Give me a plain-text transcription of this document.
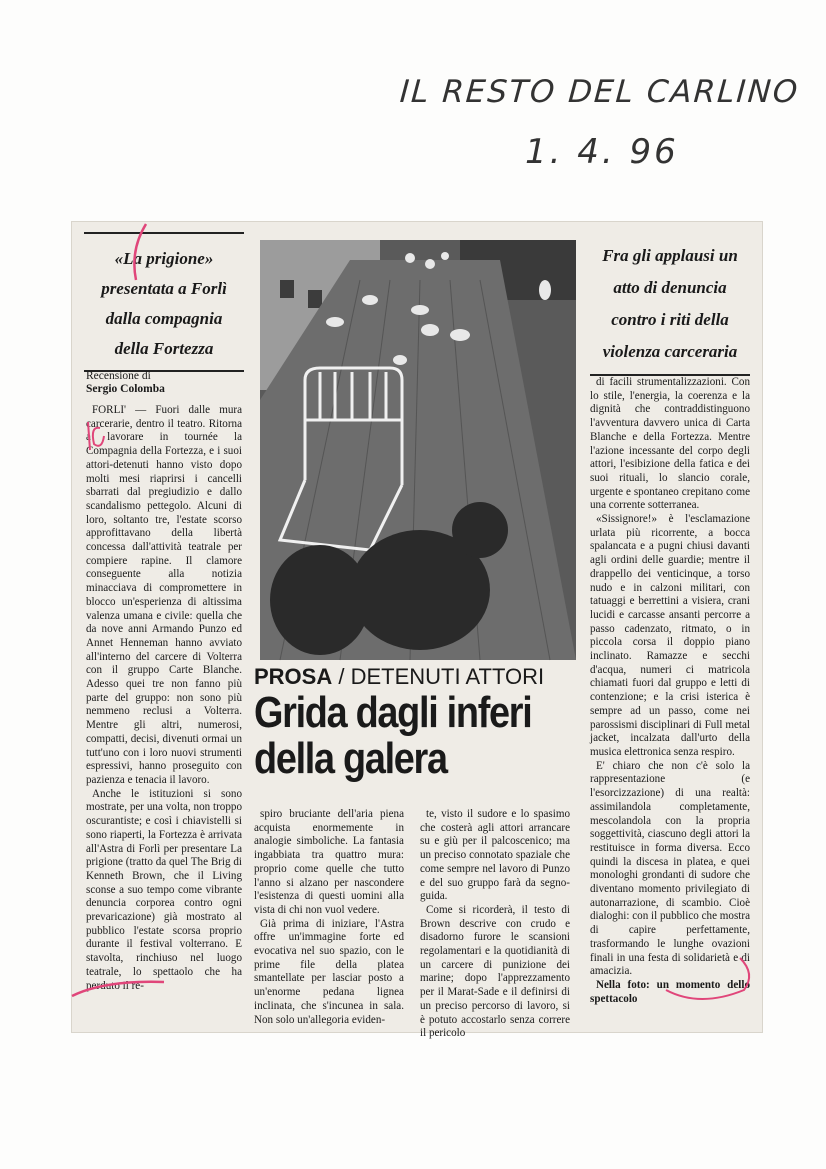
IL RESTO DEL CARLINO
1. 4. 96

«La prigione»

presentata a Forlì

dalla compagnia

della Fortezza

Recensione di
Sergio Colomba

FORLI' — Fuori dalle mura carcerarie, dentro il teatro. Ritorna a lavorare in tournée la Compagnia della Fortezza, e i suoi attori-detenuti hanno visto dopo molti mesi riaprirsi i cancelli sbarrati dal pregiudizio e dallo scandalismo pettegolo. Alcuni di loro, soltanto tre, l'estate scorso approfittavano della libertà concessa dall'attività teatrale per compiere rapine. Il clamore conseguente alla notizia minacciava di compromettere in blocco un'esperienza di altissima valenza umana e civile: quella che da nove anni Armando Punzo ed Annet Henneman hanno avviato all'interno del carcere di Volterra con il gruppo Carte Blanche. Adesso quei tre non fanno più parte del gruppo: non sono più nemmeno reclusi a Volterra. Mentre gli altri, numerosi, compatti, decisi, divenuti ormai un tutt'uno con i loro nuovi strumenti espressivi, hanno proseguito con pazienza e tenacia il lavoro.

Anche le istituzioni si sono mostrate, per una volta, non troppo oscurantiste; e così i chiavistelli si sono riaperti, la Fortezza è arrivata all'Astra di Forlì per presentare La prigione (tratto da quel The Brig di Kenneth Brown, che il Living sconse a suo tempo come vibrante denuncia corporea contro ogni prevaricazione) già mostrato al pubblico l'estate scorsa proprio durante il festival volterrano. E stavolta, rinchiuso nel luogo teatrale, lo spettaolo che ha perduto il re-

PROSA / DETENUTI ATTORI
Grida dagli inferi
della galera

spiro bruciante dell'aria piena acquista enormemente in analogie simboliche. La fantasia ingabbiata tra quattro mura: proprio come quelle che tutto l'anno si alzano per nascondere l'esistenza di questi uomini alla vista di chi non vuol vedere.

Già prima di iniziare, l'Astra offre un'immagine forte ed evocativa nel suo spazio, con le prime file della platea smantellate per lasciar posto a un'enorme pedana lignea inclinata, che s'incunea in sala. Non solo un'allegoria eviden-

te, visto il sudore e lo spasimo che costerà agli attori arrancare su e giù per il palcoscenico; ma un preciso connotato spaziale che come sempre nel lavoro di Punzo e del suo gruppo farà da segno-guida.

Come si ricorderà, il testo di Brown descrive con crudo e disadorno furore le scansioni regolamentari e la quotidianità di un carcere di punizione dei marine; dopo l'apprezzamento per il Marat-Sade e il definirsi di un preciso percorso di lavoro, si è potuto accostarlo senza correre il pericolo

Fra gli applausi un

atto di denuncia

contro i riti della

violenza carceraria

di facili strumentalizzazioni. Con lo stile, l'energia, la coerenza e la dignità che contraddistinguono l'avventura davvero unica di Carta Blanche e della Fortezza. Mentre l'azione incessante del corpo degli attori, l'esibizione della fatica e dei suoi rituali, lo slancio corale, urgente e spontaneo crepitano come una corrente sotterranea.

«Sissignore!» è l'esclamazione urlata più ricorrente, a bocca spalancata e a pugni chiusi davanti agli ordini delle guardie; mentre il drappello dei venticinque, a torso nudo e in calzoni militari, con tatuaggi e berrettini a visiera, crani lucidi e carcasse ansanti percorre a passo cadenzato, ritmato, o in piccola corsa il doppio piano inclinato. Ramazze e secchi d'acqua, numeri ci matricola chiamati fuori dal gruppo e letti di contenzione; e la crisi isterica è sempre ad un passo, come nei parossismi disciplinari di Full metal jacket, incalzata dall'urto della musica elettronica senza respiro.

E' chiaro che non c'è solo la rappresentazione (e l'esorcizzazione) di una realtà: assimilandola completamente, mescolandola con la propria soggettività, ciascuno degli attori la restituisce in forma diversa. Ecco quindi la discesa in platea, e quei monologhi grondanti di sudore che diventano momento privilegiato di autonarrazione, di scambio. Cioè dialoghi: con il pubblico che mostra di capire perfettamente, trasformando le lunghe ovazioni finali in una festa di solidarietà e di amacizia.

Nella foto: un momento dello spettacolo
